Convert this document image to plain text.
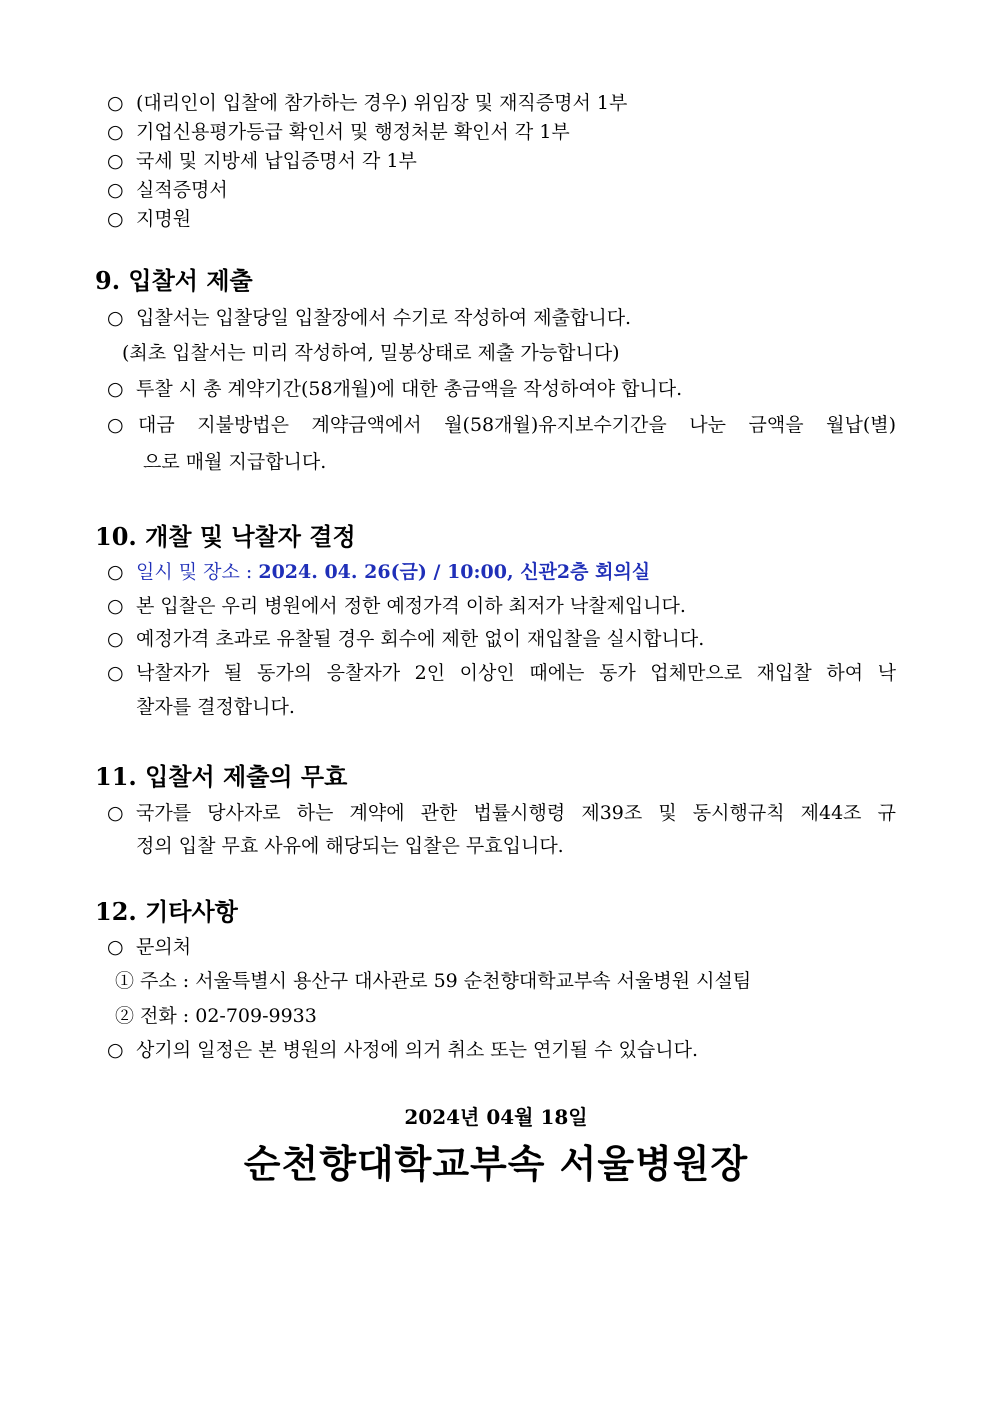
○ (대리인이 입찰에 참가하는 경우) 위임장 및 재직증명서 1부
○ 기업신용평가등급 확인서 및 행정처분 확인서 각 1부
○ 국세 및 지방세 납입증명서 각 1부
○ 실적증명서
○ 지명원
9. 입찰서 제출
○ 입찰서는 입찰당일 입찰장에서 수기로 작성하여 제출합니다.
(최초 입찰서는 미리 작성하여, 밀봉상태로 제출 가능합니다)
○ 투찰 시 총 계약기간(58개월)에 대한 총금액을 작성하여야 합니다.
○ 대금 지불방법은 계약금액에서 월(58개월)유지보수기간을 나눈 금액을 월납(별)
으로 매월 지급합니다.
10. 개찰 및 낙찰자 결정
○ 일시 및 장소 : 2024. 04. 26(금) / 10:00, 신관2층 회의실
○ 본 입찰은 우리 병원에서 정한 예정가격 이하 최저가 낙찰제입니다.
○ 예정가격 초과로 유찰될 경우 회수에 제한 없이 재입찰을 실시합니다.
○ 낙찰자가 될 동가의 응찰자가 2인 이상인 때에는 동가 업체만으로 재입찰 하여 낙
찰자를 결정합니다.
11. 입찰서 제출의 무효
○ 국가를 당사자로 하는 계약에 관한 법률시행령 제39조 및 동시행규칙 제44조 규
정의 입찰 무효 사유에 해당되는 입찰은 무효입니다.
12. 기타사항
○ 문의처
① 주소 : 서울특별시 용산구 대사관로 59 순천향대학교부속 서울병원 시설팀
② 전화 : 02-709-9933
○ 상기의 일정은 본 병원의 사정에 의거 취소 또는 연기될 수 있습니다.
2024년 04월 18일
순천향대학교부속 서울병원장
